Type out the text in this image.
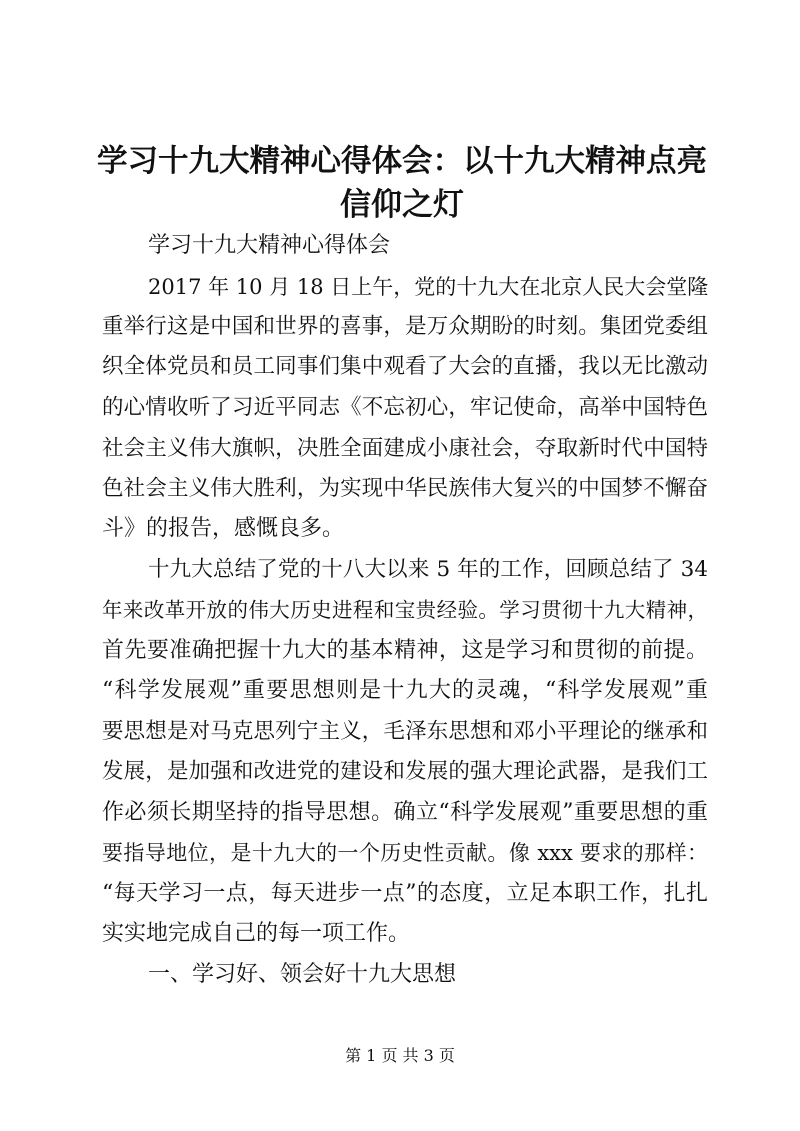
学习十九大精神心得体会：以十九大精神点亮
信仰之灯

学习十九大精神心得体会

2017 年 10 月 18 日上午，党的十九大在北京人民大会堂隆

重举行这是中国和世界的喜事，是万众期盼的时刻。集团党委组

织全体党员和员工同事们集中观看了大会的直播，我以无比激动

的心情收听了习近平同志《不忘初心，牢记使命，高举中国特色

社会主义伟大旗帜，决胜全面建成小康社会，夺取新时代中国特

色社会主义伟大胜利，为实现中华民族伟大复兴的中国梦不懈奋

斗》的报告，感慨良多。

十九大总结了党的十八大以来 5 年的工作，回顾总结了 34

年来改革开放的伟大历史进程和宝贵经验。学习贯彻十九大精神，

首先要准确把握十九大的基本精神，这是学习和贯彻的前提。

“科学发展观”重要思想则是十九大的灵魂，“科学发展观”重

要思想是对马克思列宁主义，毛泽东思想和邓小平理论的继承和

发展，是加强和改进党的建设和发展的强大理论武器，是我们工

作必须长期坚持的指导思想。确立“科学发展观”重要思想的重

要指导地位，是十九大的一个历史性贡献。像 xxx 要求的那样：

“每天学习一点，每天进步一点”的态度，立足本职工作，扎扎

实实地完成自己的每一项工作。

一、学习好、领会好十九大思想

第 1 页 共 3 页
